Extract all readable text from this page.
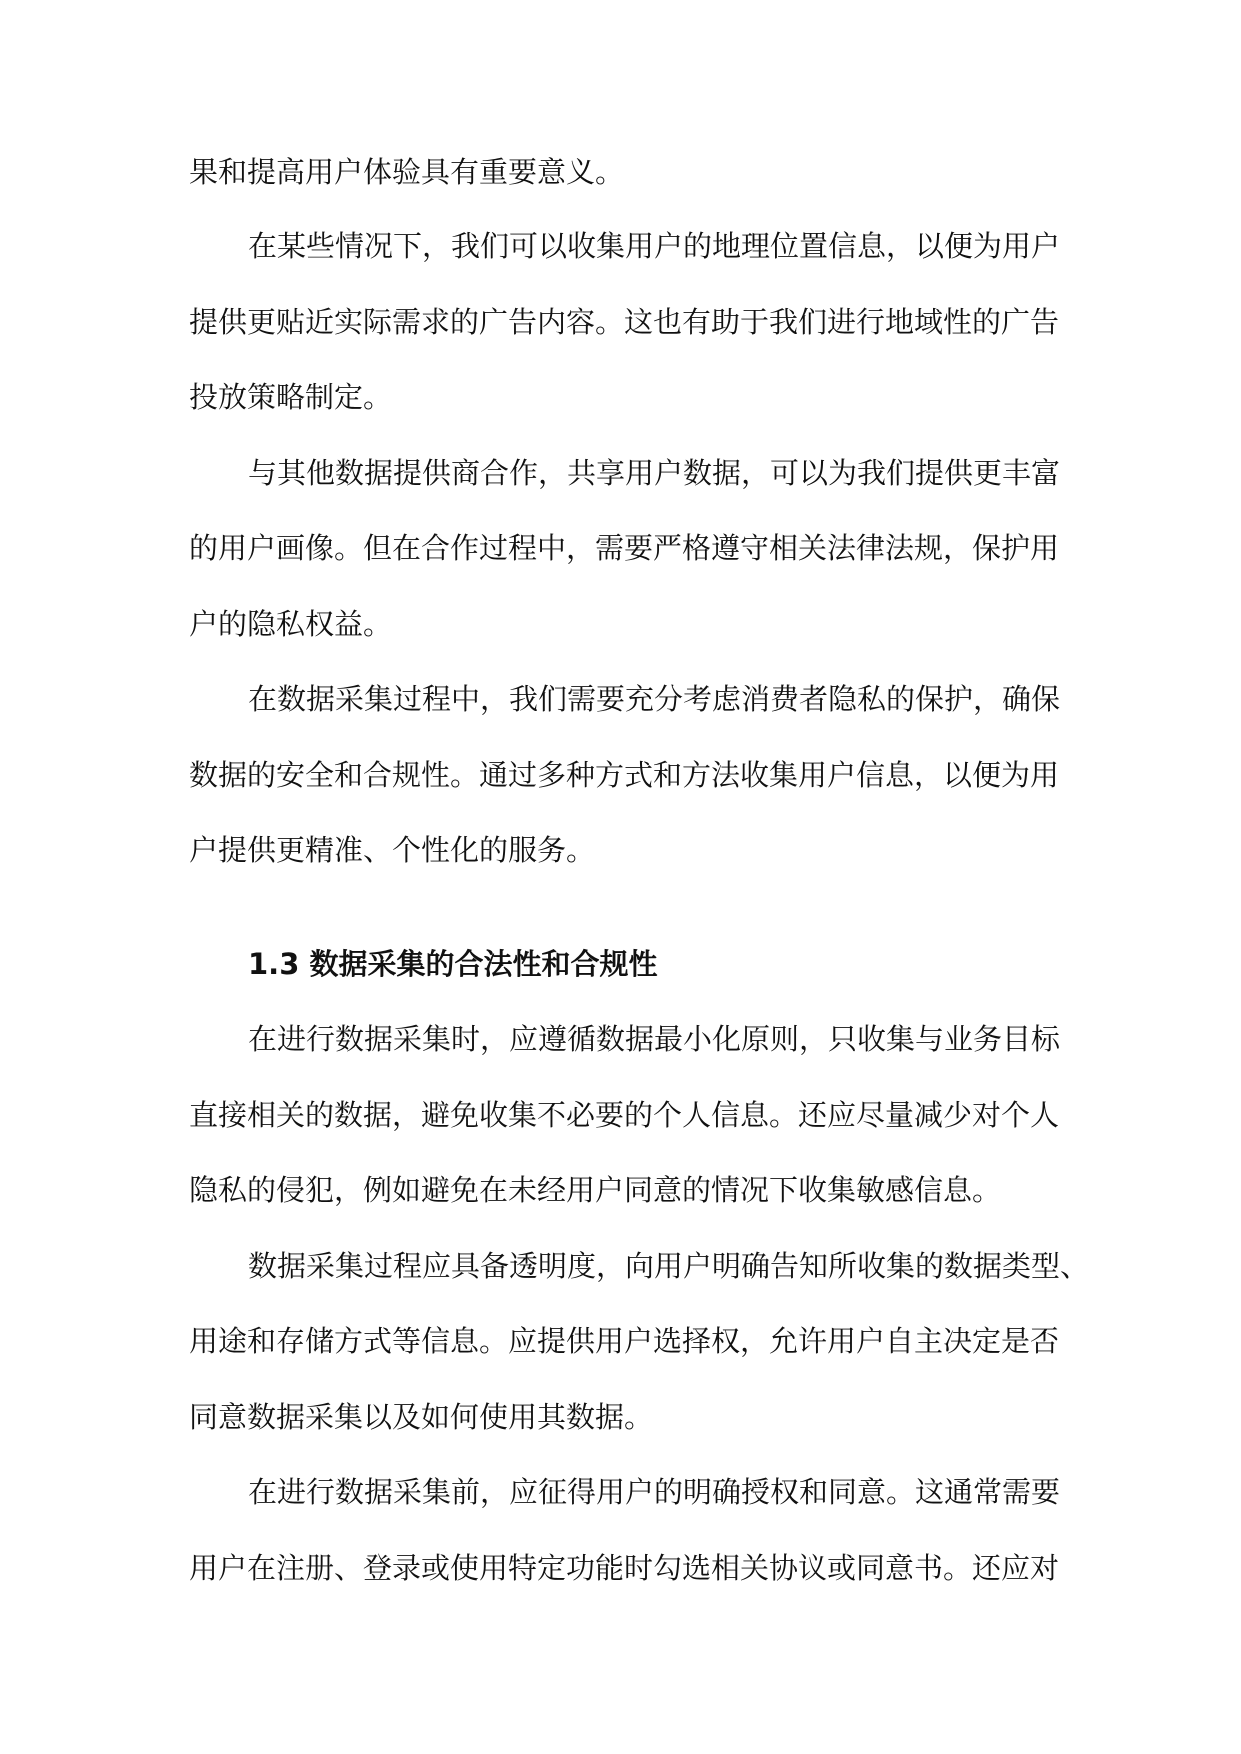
果和提高用户体验具有重要意义。

在某些情况下，我们可以收集用户的地理位置信息，以便为用户

提供更贴近实际需求的广告内容。这也有助于我们进行地域性的广告

投放策略制定。

与其他数据提供商合作，共享用户数据，可以为我们提供更丰富

的用户画像。但在合作过程中，需要严格遵守相关法律法规，保护用

户的隐私权益。

在数据采集过程中，我们需要充分考虑消费者隐私的保护，确保

数据的安全和合规性。通过多种方式和方法收集用户信息，以便为用

户提供更精准、个性化的服务。

1.3 数据采集的合法性和合规性

在进行数据采集时，应遵循数据最小化原则，只收集与业务目标

直接相关的数据，避免收集不必要的个人信息。还应尽量减少对个人

隐私的侵犯，例如避免在未经用户同意的情况下收集敏感信息。

数据采集过程应具备透明度，向用户明确告知所收集的数据类型、

用途和存储方式等信息。应提供用户选择权，允许用户自主决定是否

同意数据采集以及如何使用其数据。

在进行数据采集前，应征得用户的明确授权和同意。这通常需要

用户在注册、登录或使用特定功能时勾选相关协议或同意书。还应对
